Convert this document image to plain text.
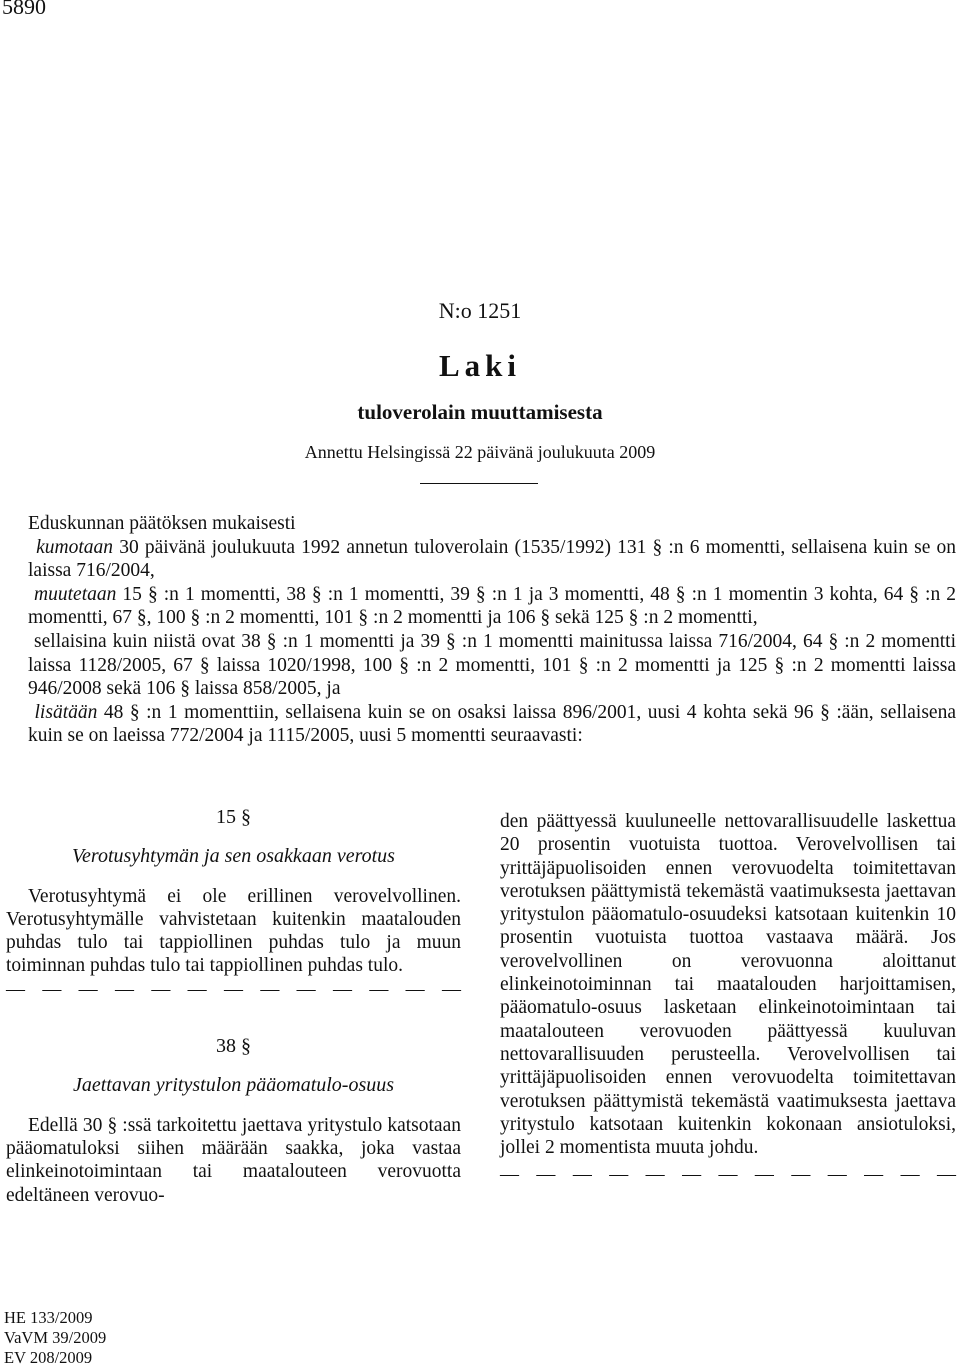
5890
N:o 1251
Laki
tuloverolain muuttamisesta
Annettu Helsingissä 22 päivänä joulukuuta 2009

Eduskunnan päätöksen mukaisesti

kumotaan 30 päivänä joulukuuta 1992 annetun tuloverolain (1535/1992) 131 § :n 6 momentti, sellaisena kuin se on laissa 716/2004,

muutetaan 15 § :n 1 momentti, 38 § :n 1 momentti, 39 § :n 1 ja 3 momentti, 48 § :n 1 momentin 3 kohta, 64 § :n 2 momentti, 67 §, 100 § :n 2 momentti, 101 § :n 2 momentti ja 106 § sekä 125 § :n 2 momentti,

sellaisina kuin niistä ovat 38 § :n 1 momentti ja 39 § :n 1 momentti mainitussa laissa 716/2004, 64 § :n 2 momentti laissa 1128/2005, 67 § laissa 1020/1998, 100 § :n 2 momentti, 101 § :n 2 momentti ja 125 § :n 2 momentti laissa 946/2008 sekä 106 § laissa 858/2005, ja

lisätään 48 § :n 1 momenttiin, sellaisena kuin se on osaksi laissa 896/2001, uusi 4 kohta sekä 96 § :ään, sellaisena kuin se on laeissa 772/2004 ja 1115/2005, uusi 5 momentti seuraavasti:

15 §
Verotusyhtymän ja sen osakkaan verotus

Verotusyhtymä ei ole erillinen verovelvollinen. Verotusyhtymälle vahvistetaan kuitenkin maatalouden puhdas tulo tai tappiollinen puhdas tulo ja muun toiminnan puhdas tulo tai tappiollinen puhdas tulo.

— — — — — — — — — — — — —
38 §
Jaettavan yritystulon pääomatulo-osuus

Edellä 30 § :ssä tarkoitettu jaettava yritystulo katsotaan pääomatuloksi siihen määrään saakka, joka vastaa elinkeinotoimintaan tai maatalouteen verovuotta edeltäneen verovuo-

den päättyessä kuuluneelle nettovarallisuudelle laskettua 20 prosentin vuotuista tuottoa. Verovelvollisen tai yrittäjäpuolisoiden ennen verovuodelta toimitettavan verotuksen päättymistä tekemästä vaatimuksesta jaettavan yritystulon pääomatulo-osuudeksi katsotaan kuitenkin 10 prosentin vuotuista tuottoa vastaava määrä. Jos verovelvollinen on verovuonna aloittanut elinkeinotoiminnan tai maatalouden harjoittamisen, pääomatulo-osuus lasketaan elinkeinotoimintaan tai maatalouteen verovuoden päättyessä kuuluvan nettovarallisuuden perusteella. Verovelvollisen tai yrittäjäpuolisoiden ennen verovuodelta toimitettavan verotuksen päättymistä tekemästä vaatimuksesta jaettava yritystulo katsotaan kuitenkin kokonaan ansiotuloksi, jollei 2 momentista muuta johdu.

— — — — — — — — — — — — —
HE 133/2009
VaVM 39/2009
EV 208/2009
